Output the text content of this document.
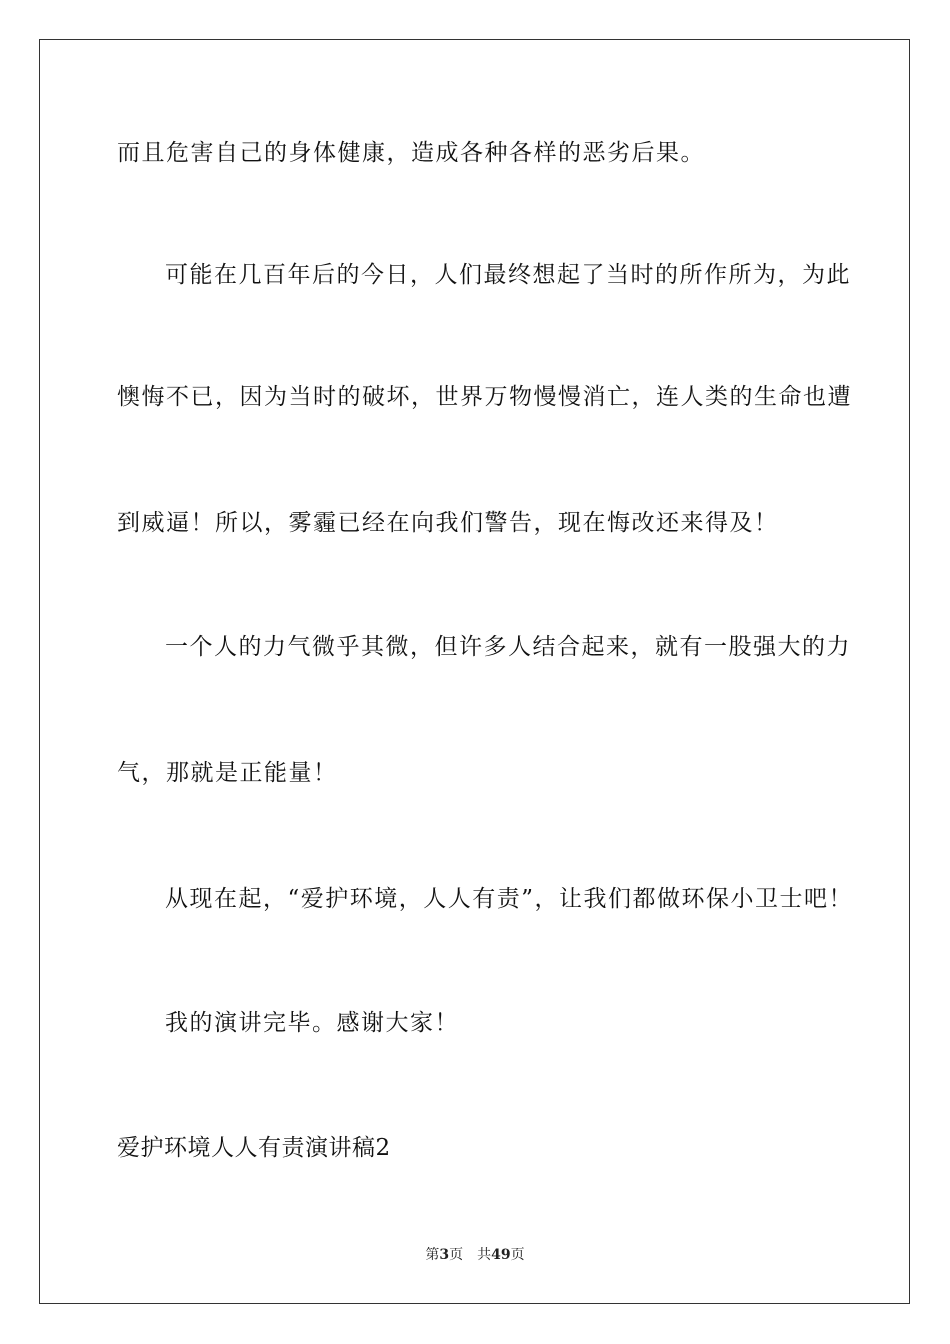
而且危害自己的身体健康，造成各种各样的恶劣后果。
可能在几百年后的今日，人们最终想起了当时的所作所为，为此
懊悔不已，因为当时的破坏，世界万物慢慢消亡，连人类的生命也遭
到威逼！所以，雾霾已经在向我们警告，现在悔改还来得及！
一个人的力气微乎其微，但许多人结合起来，就有一股强大的力
气，那就是正能量！
从现在起，“爱护环境，人人有责”，让我们都做环保小卫士吧！
我的演讲完毕。感谢大家！
爱护环境人人有责演讲稿2
第3页 共49页
